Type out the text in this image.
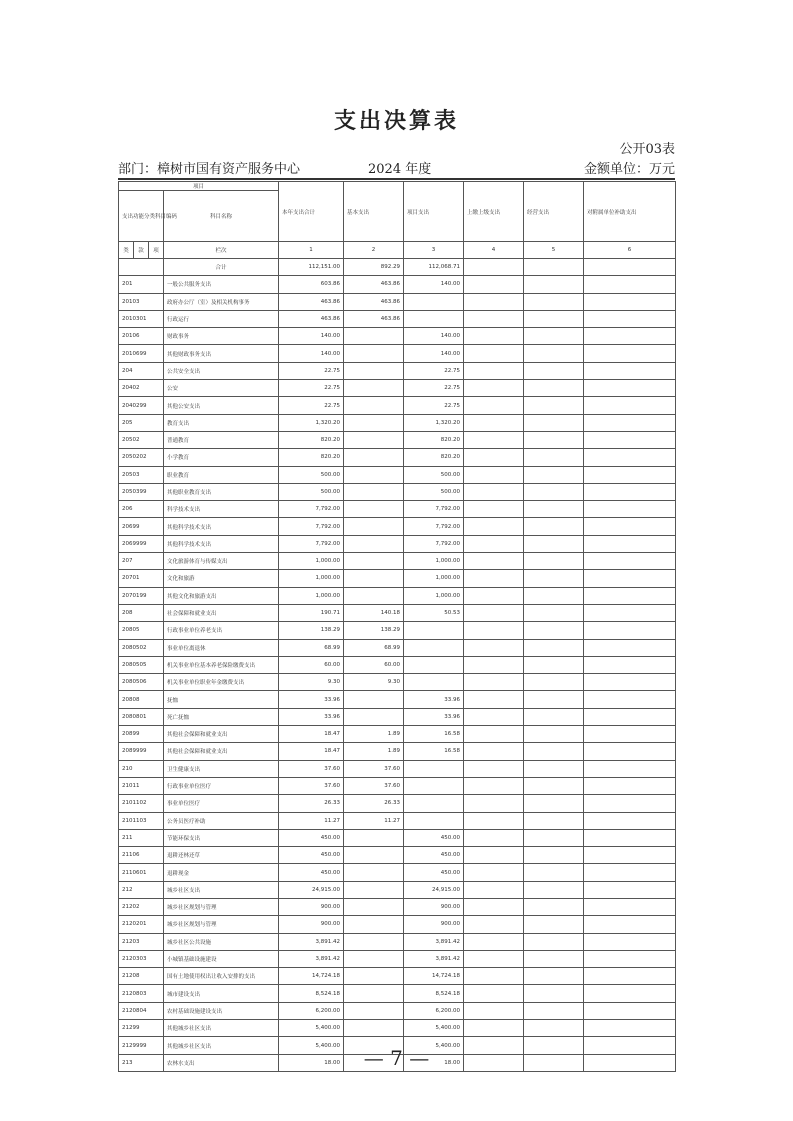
支出决算表
公开03表
部门：樟树市国有资产服务中心	2024 年度	金额单位：万元
项目				本年支出合计	基本支出	项目支出	上缴上级支出	经营支出	对附属单位补助支出
支出功能分类科目编码			科目名称						
类	款	项	栏次	1	2	3	4	5	6
			合计	112,151.00	892.29	112,068.71			
201			一般公共服务支出	603.86	463.86	140.00			
20103			政府办公厅（室）及相关机构事务	463.86	463.86				
2010301			行政运行	463.86	463.86				
20106			财政事务	140.00		140.00			
2010699			其他财政事务支出	140.00		140.00			
204			公共安全支出	22.75		22.75			
20402			公安	22.75		22.75			
2040299			其他公安支出	22.75		22.75			
205			教育支出	1,320.20		1,320.20			
20502			普通教育	820.20		820.20			
2050202			小学教育	820.20		820.20			
20503			职业教育	500.00		500.00			
2050399			其他职业教育支出	500.00		500.00			
206			科学技术支出	7,792.00		7,792.00			
20699			其他科学技术支出	7,792.00		7,792.00			
2069999			其他科学技术支出	7,792.00		7,792.00			
207			文化旅游体育与传媒支出	1,000.00		1,000.00			
20701			文化和旅游	1,000.00		1,000.00			
2070199			其他文化和旅游支出	1,000.00		1,000.00			
208			社会保障和就业支出	190.71	140.18	50.53			
20805			行政事业单位养老支出	138.29	138.29				
2080502			事业单位离退休	68.99	68.99				
2080505			机关事业单位基本养老保险缴费支出	60.00	60.00				
2080506			机关事业单位职业年金缴费支出	9.30	9.30				
20808			抚恤	33.96		33.96			
2080801			死亡抚恤	33.96		33.96			
20899			其他社会保障和就业支出	18.47	1.89	16.58			
2089999			其他社会保障和就业支出	18.47	1.89	16.58			
210			卫生健康支出	37.60	37.60				
21011			行政事业单位医疗	37.60	37.60				
2101102			事业单位医疗	26.33	26.33				
2101103			公务员医疗补助	11.27	11.27				
211			节能环保支出	450.00		450.00			
21106			退耕还林还草	450.00		450.00			
2110601			退耕现金	450.00		450.00			
212			城乡社区支出	24,915.00		24,915.00			
21202			城乡社区规划与管理	900.00		900.00			
2120201			城乡社区规划与管理	900.00		900.00			
21203			城乡社区公共设施	3,891.42		3,891.42			
2120303			小城镇基础设施建设	3,891.42		3,891.42			
21208			国有土地使用权出让收入安排的支出	14,724.18		14,724.18			
2120803			城市建设支出	8,524.18		8,524.18			
2120804			农村基础设施建设支出	6,200.00		6,200.00			
21299			其他城乡社区支出	5,400.00		5,400.00			
2129999			其他城乡社区支出	5,400.00		5,400.00			
213			农林水支出	18.00		18.00			
— 7 —
